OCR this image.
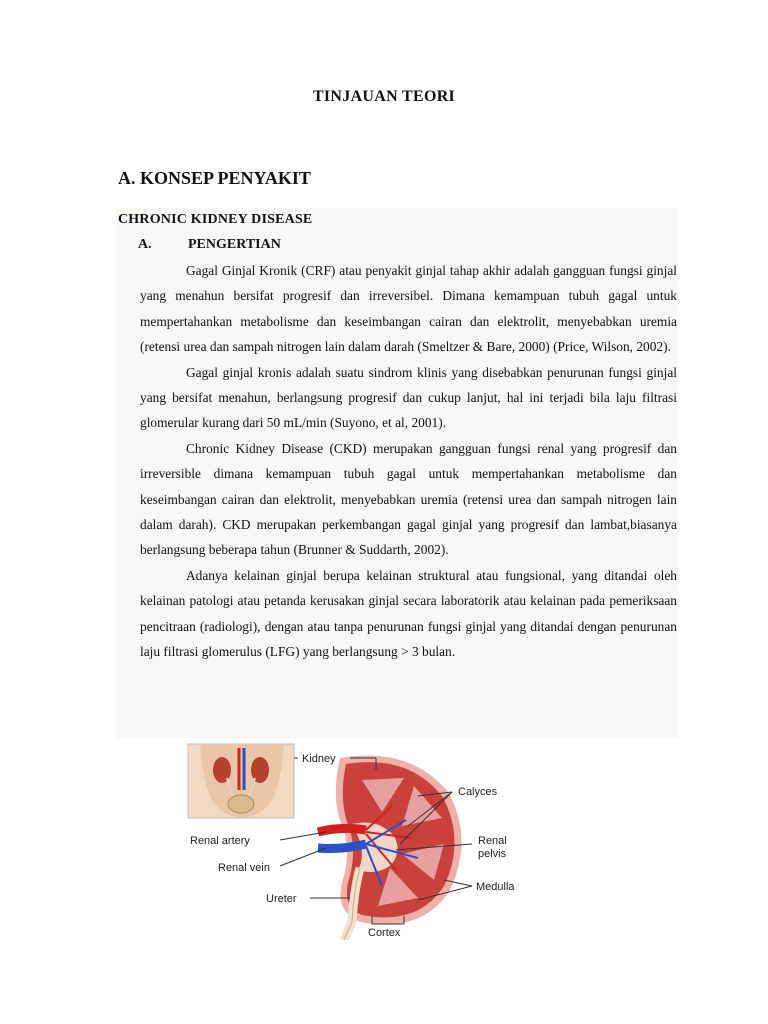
TINJAUAN TEORI
A. KONSEP PENYAKIT
CHRONIC KIDNEY DISEASE
A.	PENGERTIAN

Gagal Ginjal Kronik (CRF) atau penyakit ginjal tahap akhir adalah gangguan fungsi ginjal yang menahun bersifat progresif dan irreversibel. Dimana kemampuan tubuh gagal untuk mempertahankan metabolisme dan keseimbangan cairan dan elektrolit, menyebabkan uremia (retensi urea dan sampah nitrogen lain dalam darah (Smeltzer & Bare, 2000) (Price, Wilson, 2002).

Gagal ginjal kronis adalah suatu sindrom klinis yang disebabkan penurunan fungsi ginjal yang bersifat menahun, berlangsung progresif dan cukup lanjut, hal ini terjadi bila laju filtrasi glomerular kurang dari 50 mL/min (Suyono, et al, 2001).

Chronic Kidney Disease (CKD) merupakan gangguan fungsi renal yang progresif dan irreversible dimana kemampuan tubuh gagal untuk mempertahankan metabolisme dan keseimbangan cairan dan elektrolit, menyebabkan uremia (retensi urea dan sampah nitrogen lain dalam darah). CKD merupakan perkembangan gagal ginjal yang progresif dan lambat,biasanya berlangsung beberapa tahun (Brunner & Suddarth, 2002).

Adanya kelainan ginjal berupa kelainan struktural atau fungsional, yang ditandai oleh kelainan patologi atau petanda kerusakan ginjal secara laboratorik atau kelainan pada pemeriksaan pencitraan (radiologi), dengan atau tanpa penurunan fungsi ginjal yang ditandai dengan penurunan laju filtrasi glomerulus (LFG) yang berlangsung > 3 bulan.

Kidney
Calyces
Renal artery	Renal
pelvis
Renal vein
Medulla
Ureter
Cortex
